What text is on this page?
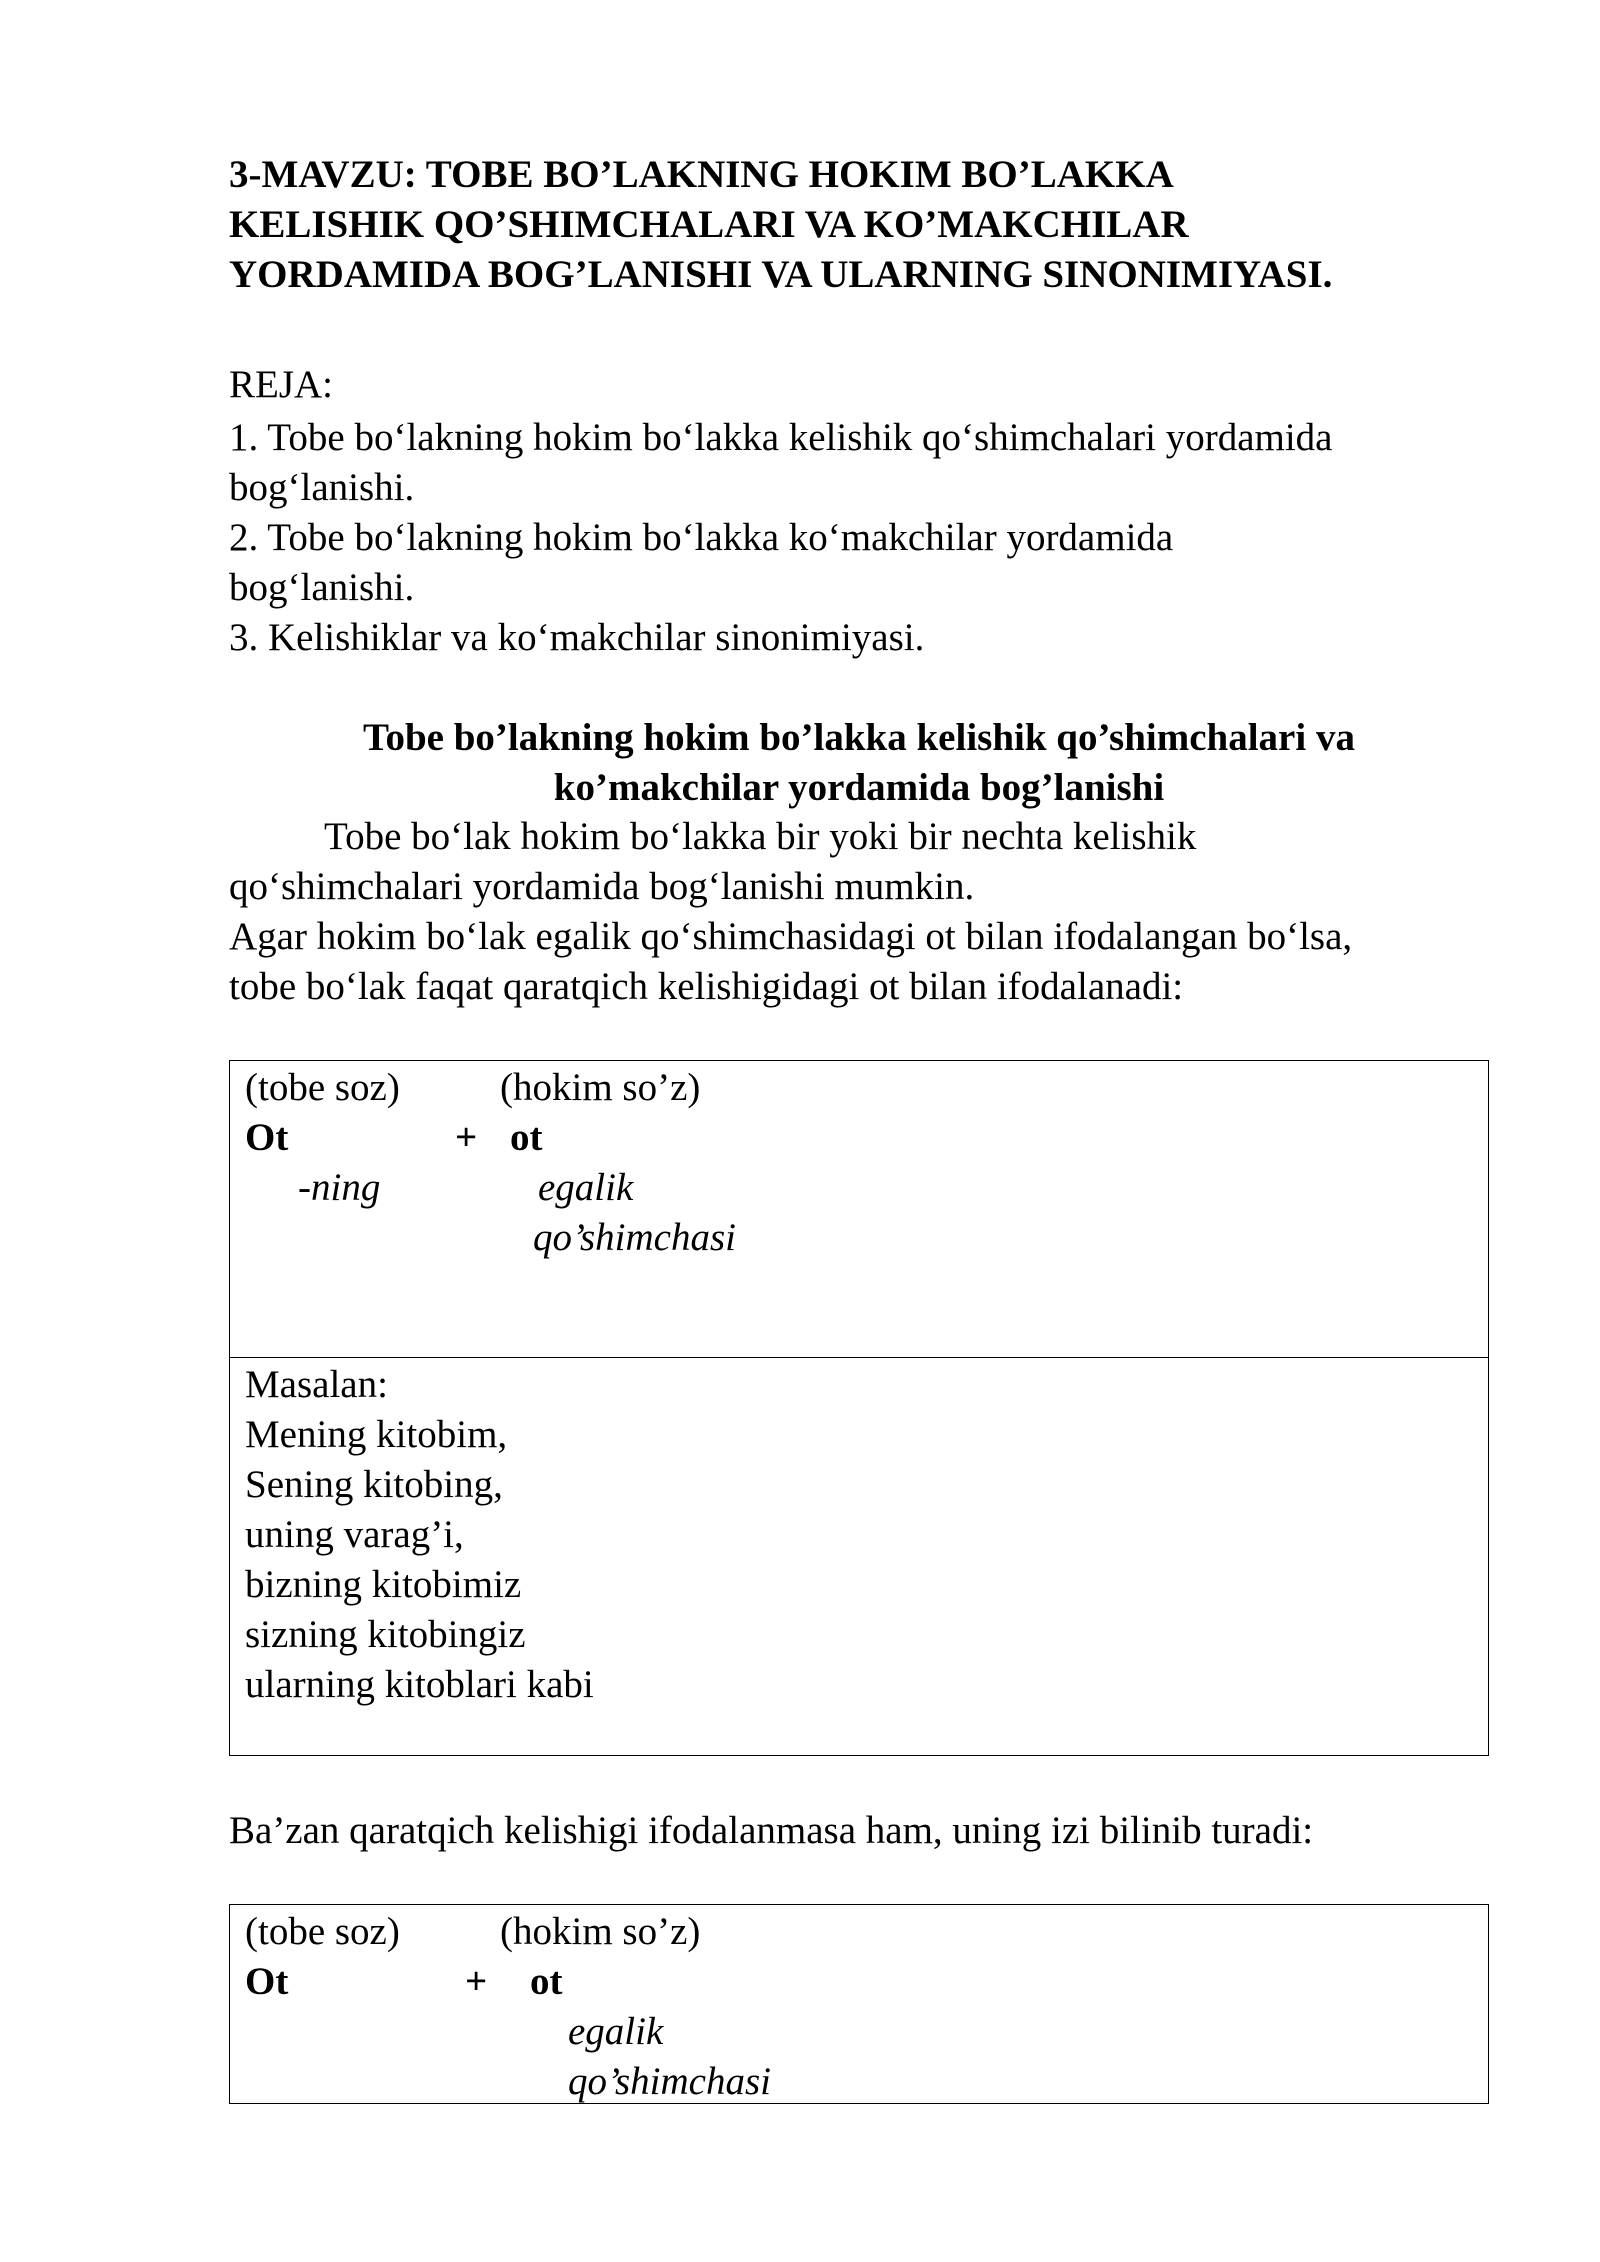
3-MAVZU: TOBE BO’LAKNING HOKIM BO’LAKKA
KELISHIK QO’SHIMCHALARI VA KO’MAKCHILAR
YORDAMIDA BOG’LANISHI VA ULARNING SINONIMIYASI.
REJA:
1. Tobe bo‘lakning hokim bo‘lakka kelishik qo‘shimchalari yordamida
bog‘lanishi.
2. Tobe bo‘lakning hokim bo‘lakka ko‘makchilar yordamida
bog‘lanishi.
3. Kelishiklar va ko‘makchilar sinonimiyasi.
Tobe bo’lakning hokim bo’lakka kelishik qo’shimchalari va
ko’makchilar yordamida bog’lanishi
Tobe bo‘lak hokim bo‘lakka bir yoki bir nechta kelishik
qo‘shimchalari yordamida bog‘lanishi mumkin.
Agar hokim bo‘lak egalik qo‘shimchasidagi ot bilan ifodalangan bo‘lsa,
tobe bo‘lak faqat qaratqich kelishigidagi ot bilan ifodalanadi:
(tobe soz)	(hokim so’z)
Ot	+ ot
-ning	egalik
qo’shimchasi
Masalan:
Mening kitobim,
Sening kitobing,
uning varag’i,
bizning kitobimiz
sizning kitobingiz
ularning kitoblari kabi
Ba’zan qaratqich kelishigi ifodalanmasa ham, uning izi bilinib turadi:
(tobe soz)	(hokim so’z)
Ot	+ ot
egalik
qo’shimchasi
